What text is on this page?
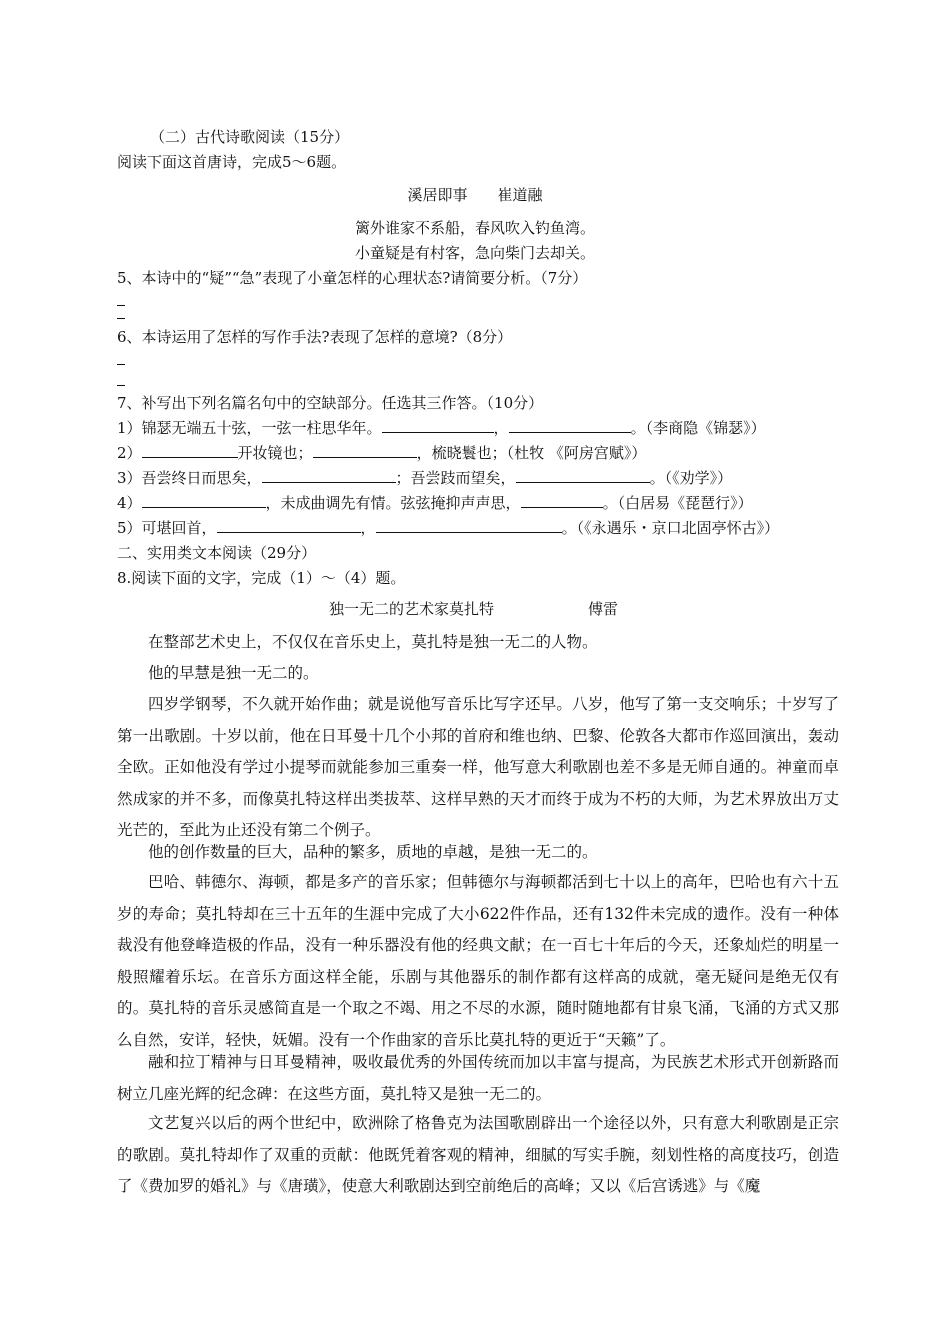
（二）古代诗歌阅读（15分）
阅读下面这首唐诗，完成5～6题。
溪居即事 崔道融
篱外谁家不系船，春风吹入钓鱼湾。
小童疑是有村客，急向柴门去却关。
5、本诗中的“疑”“急”表现了小童怎样的心理状态?请简要分析。（7分）
6、本诗运用了怎样的写作手法?表现了怎样的意境?（8分）
7、补写出下列名篇名句中的空缺部分。任选其三作答。（10分）
1）锦瑟无端五十弦，一弦一柱思华年。	，	。（李商隐《锦瑟》）
2）	开妆镜也；	，梳晓鬟也；（杜牧 《阿房宫赋》）
3）吾尝终日而思矣，	；吾尝跂而望矣，	。（《劝学》）
4）	，未成曲调先有情。弦弦掩抑声声思，	。（白居易《琵琶行》）
5）可堪回首，	，	。（《永遇乐・京口北固亭怀古》）
二、实用类文本阅读（29分）
8.阅读下面的文字，完成（1）～（4）题。
独一无二的艺术家莫扎特	傅雷
在整部艺术史上，不仅仅在音乐史上，莫扎特是独一无二的人物。
他的早慧是独一无二的。
四岁学钢琴，不久就开始作曲；就是说他写音乐比写字还早。八岁，他写了第一支交响乐；十岁写了第一出歌剧。十岁以前，他在日耳曼十几个小邦的首府和维也纳、巴黎、伦敦各大都市作巡回演出，轰动全欧。正如他没有学过小提琴而就能参加三重奏一样，他写意大利歌剧也差不多是无师自通的。神童而卓然成家的并不多，而像莫扎特这样出类拔萃、这样早熟的天才而终于成为不朽的大师，为艺术界放出万丈光芒的，至此为止还没有第二个例子。
他的创作数量的巨大，品种的繁多，质地的卓越，是独一无二的。
巴哈、韩德尔、海顿，都是多产的音乐家；但韩德尔与海顿都活到七十以上的高年，巴哈也有六十五岁的寿命；莫扎特却在三十五年的生涯中完成了大小622件作品，还有132件未完成的遗作。没有一种体裁没有他登峰造极的作品，没有一种乐器没有他的经典文献；在一百七十年后的今天，还象灿烂的明星一般照耀着乐坛。在音乐方面这样全能，乐剧与其他器乐的制作都有这样高的成就，毫无疑问是绝无仅有的。莫扎特的音乐灵感简直是一个取之不竭、用之不尽的水源，随时随地都有甘泉飞涌，飞涌的方式又那么自然，安详，轻快，妩媚。没有一个作曲家的音乐比莫扎特的更近于“天籁”了。
融和拉丁精神与日耳曼精神，吸收最优秀的外国传统而加以丰富与提高，为民族艺术形式开创新路而树立几座光辉的纪念碑：在这些方面，莫扎特又是独一无二的。
文艺复兴以后的两个世纪中，欧洲除了格鲁克为法国歌剧辟出一个途径以外，只有意大利歌剧是正宗的歌剧。莫扎特却作了双重的贡献：他既凭着客观的精神，细腻的写实手腕，刻划性格的高度技巧，创造了《费加罗的婚礼》与《唐璜》，使意大利歌剧达到空前绝后的高峰；又以《后宫诱逃》与《魔
